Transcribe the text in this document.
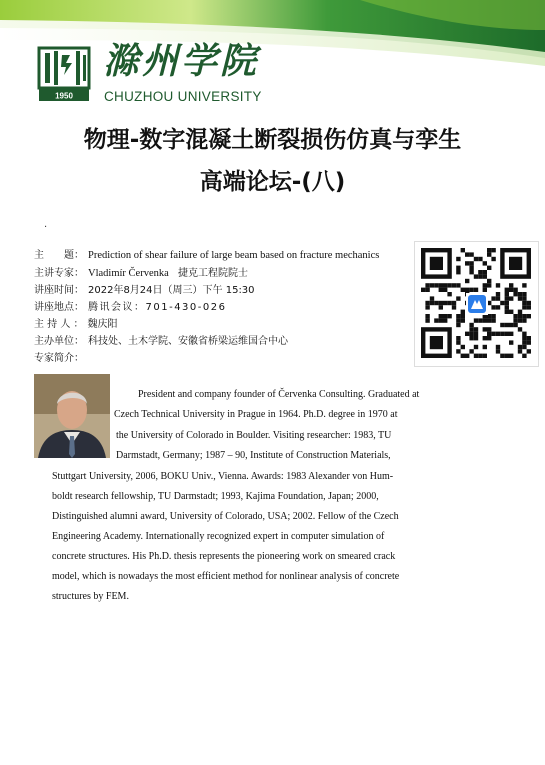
1950
滁州学院
CHUZHOU UNIVERSITY
物理-数字混凝土断裂损伤仿真与孪生
高端论坛-(八)
.
主　　题： Prediction of shear failure of large beam based on fracture mechanics
主讲专家： Vladimír Červenka 捷克工程院院士
讲座时间： 2022年8月24日（周三）下午 15:30
讲座地点： 腾讯会议：701-430-026
主 持 人 ： 魏庆阳
主办单位： 科技处、土木学院、安徽省桥梁运维国合中心
专家简介：
President and company founder of Červenka Consulting. Graduated at
Czech Technical University in Prague in 1964. Ph.D. degree in 1970 at
the University of Colorado in Boulder. Visiting researcher: 1983, TU
Darmstadt, Germany; 1987 – 90, Institute of Construction Materials,
Stuttgart University, 2006, BOKU Univ., Vienna. Awards: 1983 Alexander von Hum-
boldt research fellowship, TU Darmstadt; 1993, Kajima Foundation, Japan; 2000,
Distinguished alumni award, University of Colorado, USA; 2002. Fellow of the Czech
Engineering Academy. Internationally recognized expert in computer simulation of
concrete structures. His Ph.D. thesis represents the pioneering work on smeared crack
model, which is nowadays the most efficient method for nonlinear analysis of concrete
structures by FEM.
